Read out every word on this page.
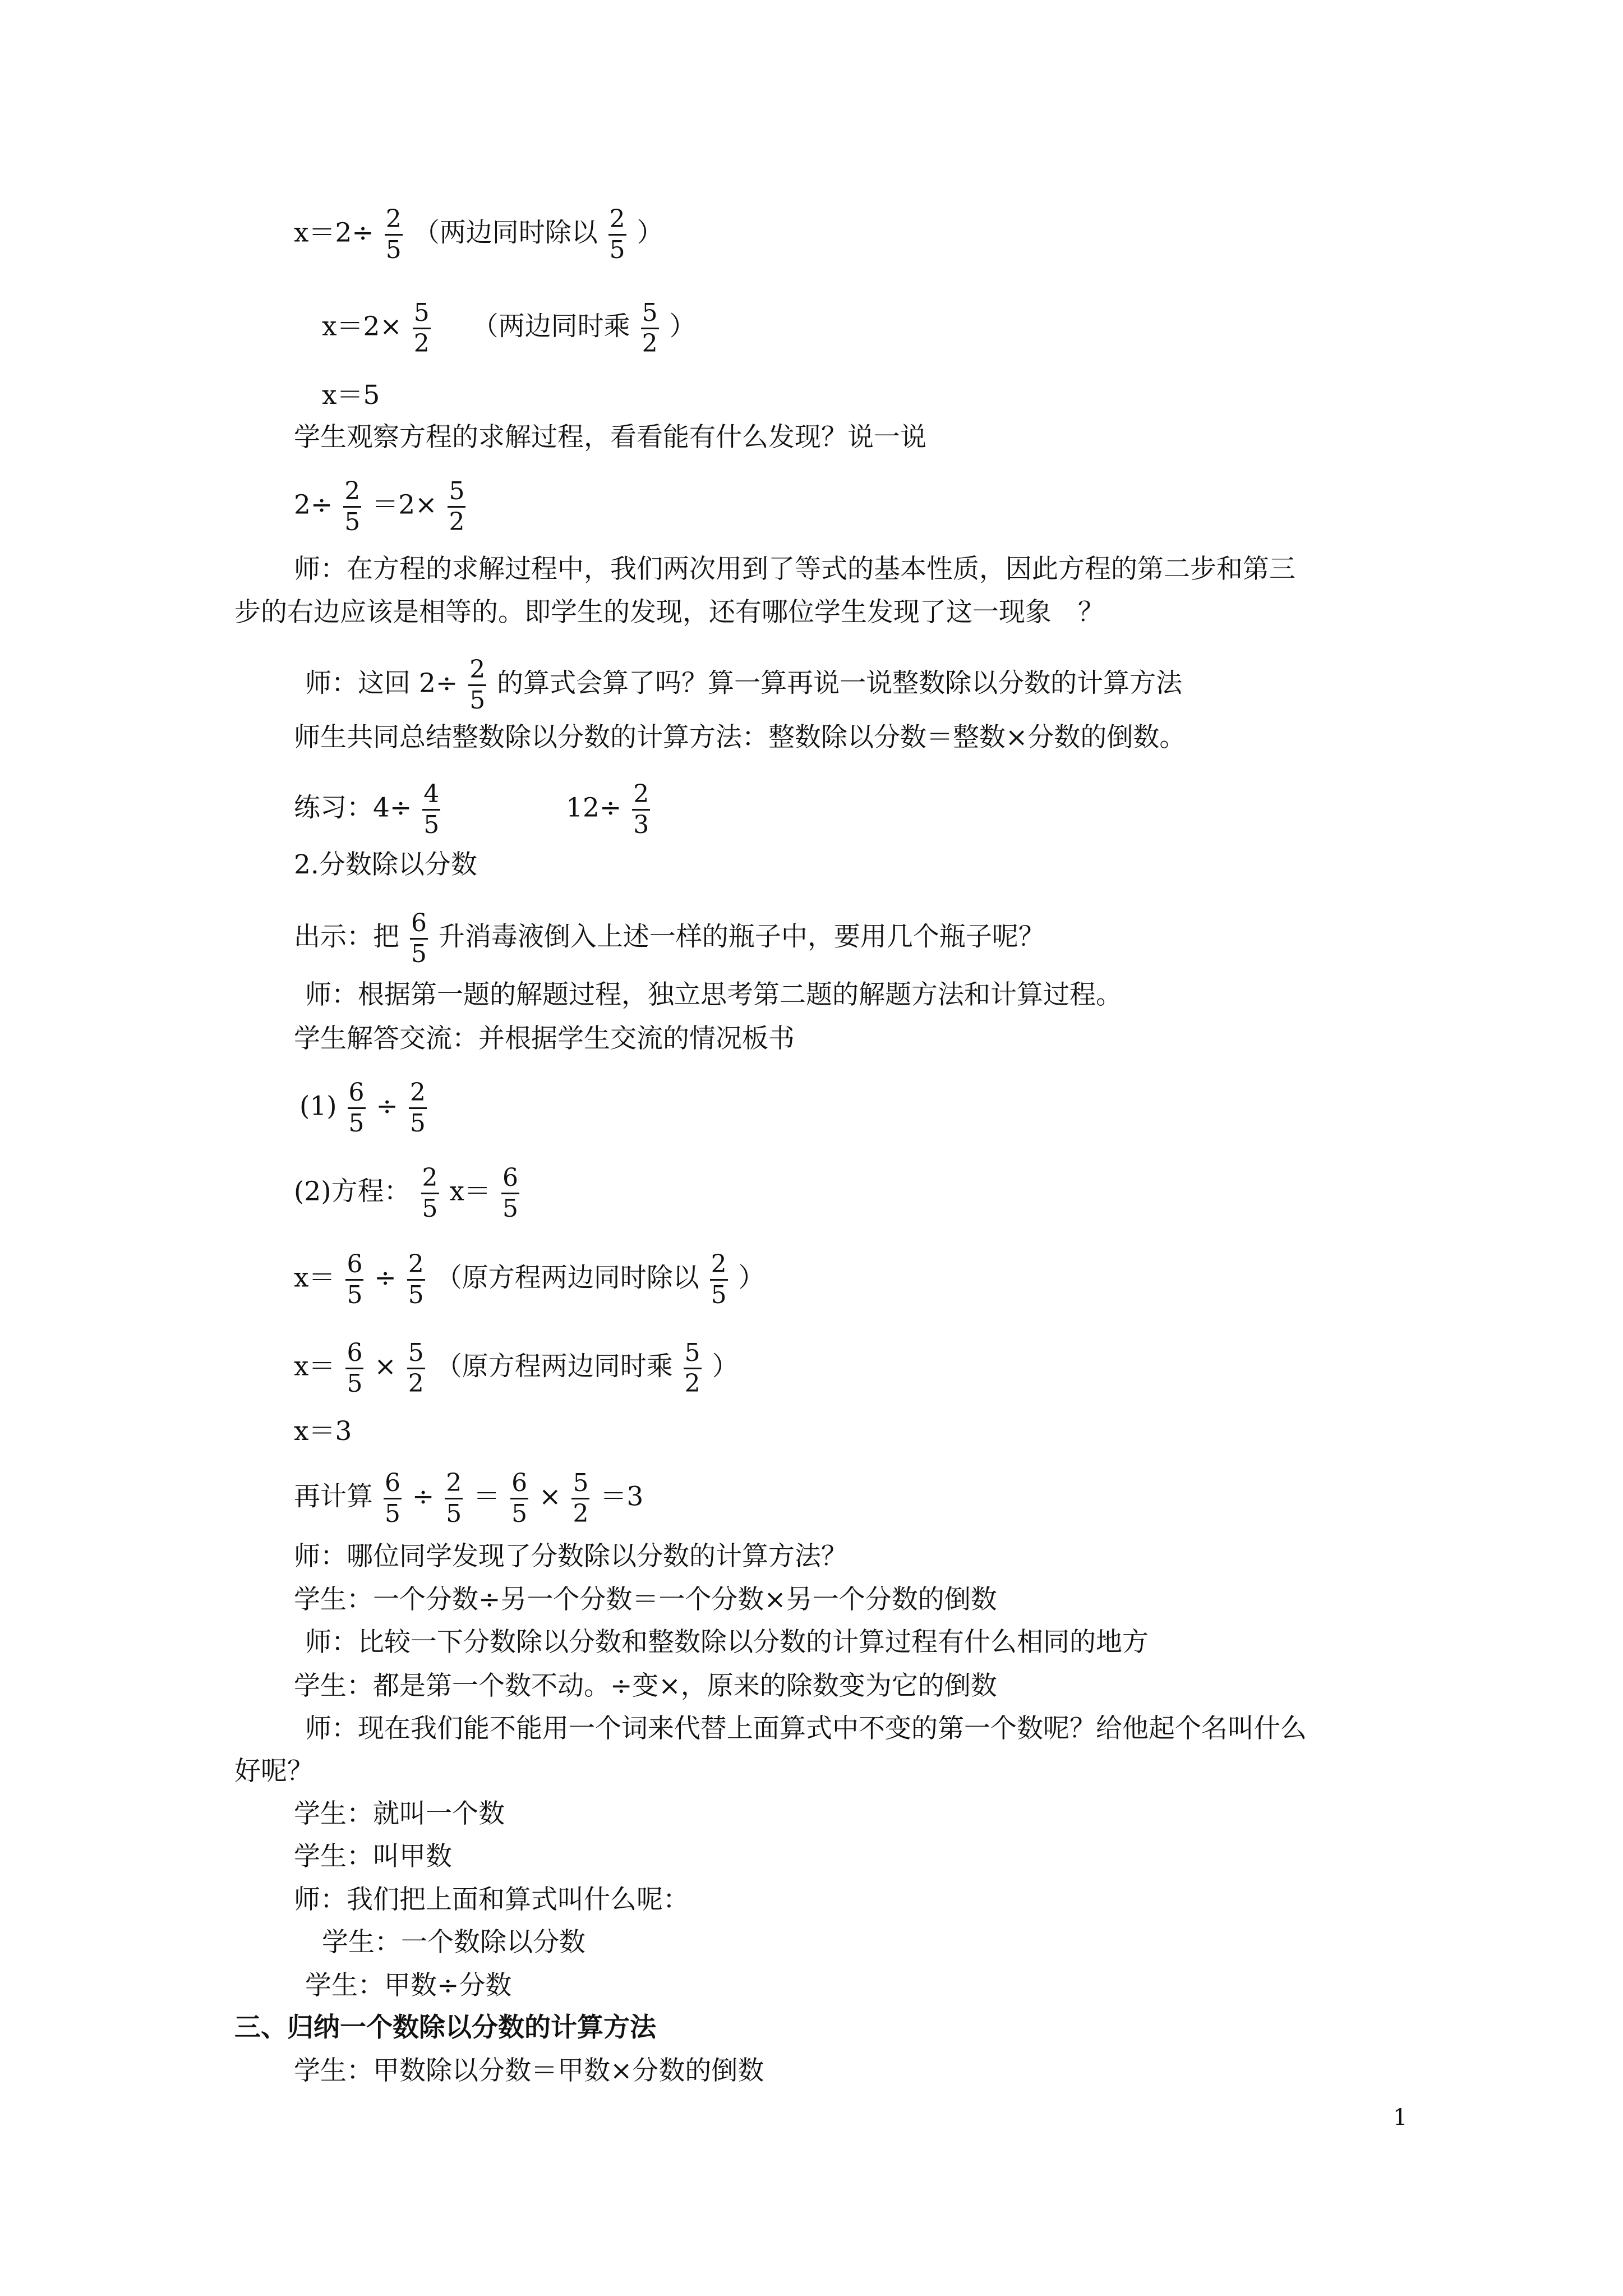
$x=2\div \frac{2}{5}$ （两边同时除以 $\frac{2}{5}$ ）
$x=2\times \frac{5}{2}$ （两边同时乘 $\frac{5}{2}$ ）
x＝5
学生观察方程的求解过程，看看能有什么发现？说一说
$2\div \frac{2}{5} =2\times \frac{5}{2}$
师：在方程的求解过程中，我们两次用到了等式的基本性质，因此方程的第二步和第三
步的右边应该是相等的。即学生的发现，还有哪位学生发现了这一现象　？
师：这回 $2\div \frac{2}{5}$ 的算式会算了吗？算一算再说一说整数除以分数的计算方法
师生共同总结整数除以分数的计算方法：整数除以分数＝整数×分数的倒数。
练习：$4\div \frac{4}{5}$	$12\div \frac{2}{3}$
2.分数除以分数
出示：把 $\frac{6}{5}$ 升消毒液倒入上述一样的瓶子中，要用几个瓶子呢？
师：根据第一题的解题过程，独立思考第二题的解题方法和计算过程。
学生解答交流：并根据学生交流的情况板书
$(1) \frac{6}{5} \div \frac{2}{5}$
(2)方程： $\frac{2}{5} x= \frac{6}{5}$
$x= \frac{6}{5} \div \frac{2}{5}$ （原方程两边同时除以 $\frac{2}{5}$ ）
$x= \frac{6}{5} \times \frac{5}{2}$ （原方程两边同时乘 $\frac{5}{2}$ ）
x＝3
再计算 $\frac{6}{5} \div \frac{2}{5} = \frac{6}{5} \times \frac{5}{2} =3$
师：哪位同学发现了分数除以分数的计算方法？
学生：一个分数÷另一个分数＝一个分数×另一个分数的倒数
师：比较一下分数除以分数和整数除以分数的计算过程有什么相同的地方
学生：都是第一个数不动。÷变×，原来的除数变为它的倒数
师：现在我们能不能用一个词来代替上面算式中不变的第一个数呢？给他起个名叫什么
好呢？
学生：就叫一个数
学生：叫甲数
师：我们把上面和算式叫什么呢：
学生：一个数除以分数
学生：甲数÷分数
三、归纳一个数除以分数的计算方法
学生：甲数除以分数＝甲数×分数的倒数
1
